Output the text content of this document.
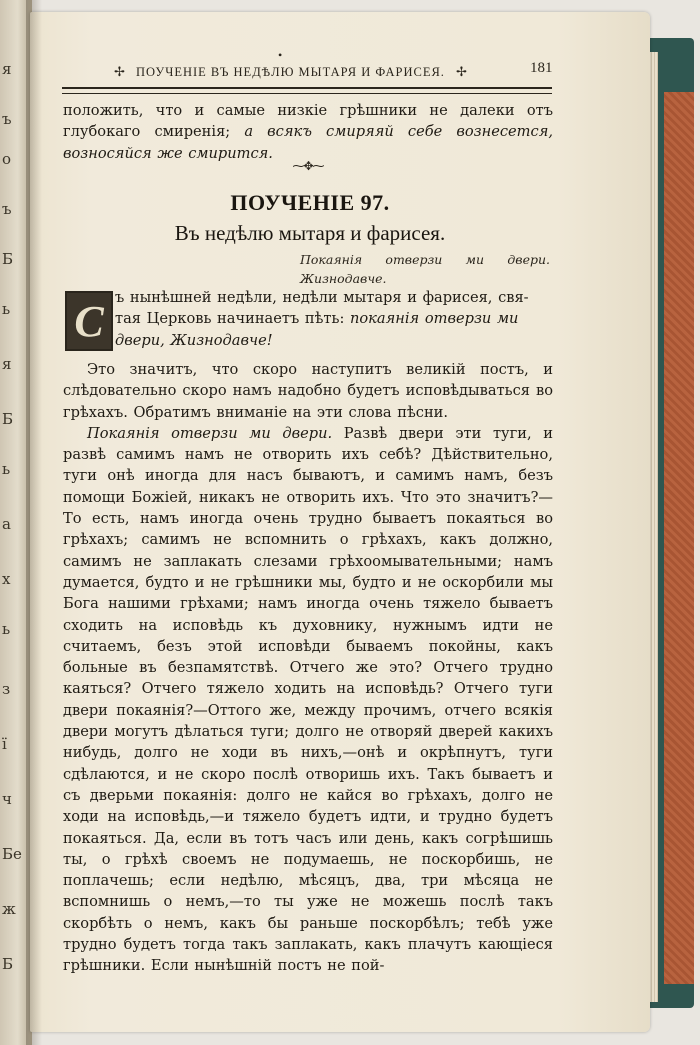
я
ъ
о
ъ
Б
ь
я
Б
ь
а
х
ь
з
ї
ч
Бе
ж
Б
✢ ПОУЧЕНІЕ ВЪ НЕДѢЛЮ МЫТАРЯ И ФАРИСЕЯ. ✢
•
181
положить, что и самые низкіе грѣшники не далеки отъ глубокаго смиренія; а всякъ смиряяй себе вознесется, возносяйся же смирится.
⁓✥⁓
ПОУЧЕНІЕ 97.
Въ недѣлю мытаря и фарисея.
Покаянія отверзи ми двери. Жизнодавче.
С ъ нынѣшней недѣли, недѣли мытаря и фарисея, свя-
тая Церковь начинаетъ пѣть: покаянія отверзи ми
двери, Жизнодавче!

Это значитъ, что скоро наступитъ великій постъ, и слѣдовательно скоро намъ надобно будетъ исповѣдываться во грѣхахъ. Обратимъ вниманіе на эти слова пѣсни.

Покаянія отверзи ми двери. Развѣ двери эти туги, и развѣ самимъ намъ не отворить ихъ себѣ? Дѣйствительно, туги онѣ иногда для насъ бываютъ, и самимъ намъ, безъ помощи Божіей, никакъ не отворить ихъ. Что это значитъ?—То есть, намъ иногда очень трудно бываетъ покаяться во грѣхахъ; самимъ не вспомнить о грѣхахъ, какъ должно, самимъ не заплакать слезами грѣхоомывательными; намъ думается, будто и не грѣшники мы, будто и не оскорбили мы Бога нашими грѣхами; намъ иногда очень тяжело бываетъ сходить на исповѣдь къ духовнику, нужнымъ идти не считаемъ, безъ этой исповѣди бываемъ покойны, какъ больные въ безпамятствѣ. Отчего же это? Отчего трудно каяться? Отчего тяжело ходить на исповѣдь? Отчего туги двери покаянія?—Оттого же, между прочимъ, отчего всякія двери могутъ дѣлаться туги; долго не отворяй дверей какихъ нибудь, долго не ходи въ нихъ,—онѣ и окрѣпнутъ, туги сдѣлаются, и не скоро послѣ отворишь ихъ. Такъ бываетъ и съ дверьми покаянія: долго не кайся во грѣхахъ, долго не ходи на исповѣдь,—и тяжело будетъ идти, и трудно будетъ покаяться. Да, если въ тотъ часъ или день, какъ согрѣшишь ты, о грѣхѣ своемъ не подумаешь, не поскорбишь, не поплачешь; если недѣлю, мѣсяцъ, два, три мѣсяца не вспомнишь о немъ,—то ты уже не можешь послѣ такъ скорбѣть о немъ, какъ бы раньше поскорбѣлъ; тебѣ уже трудно будетъ тогда такъ заплакать, какъ плачутъ кающіеся грѣшники. Если нынѣшній постъ не пой-
